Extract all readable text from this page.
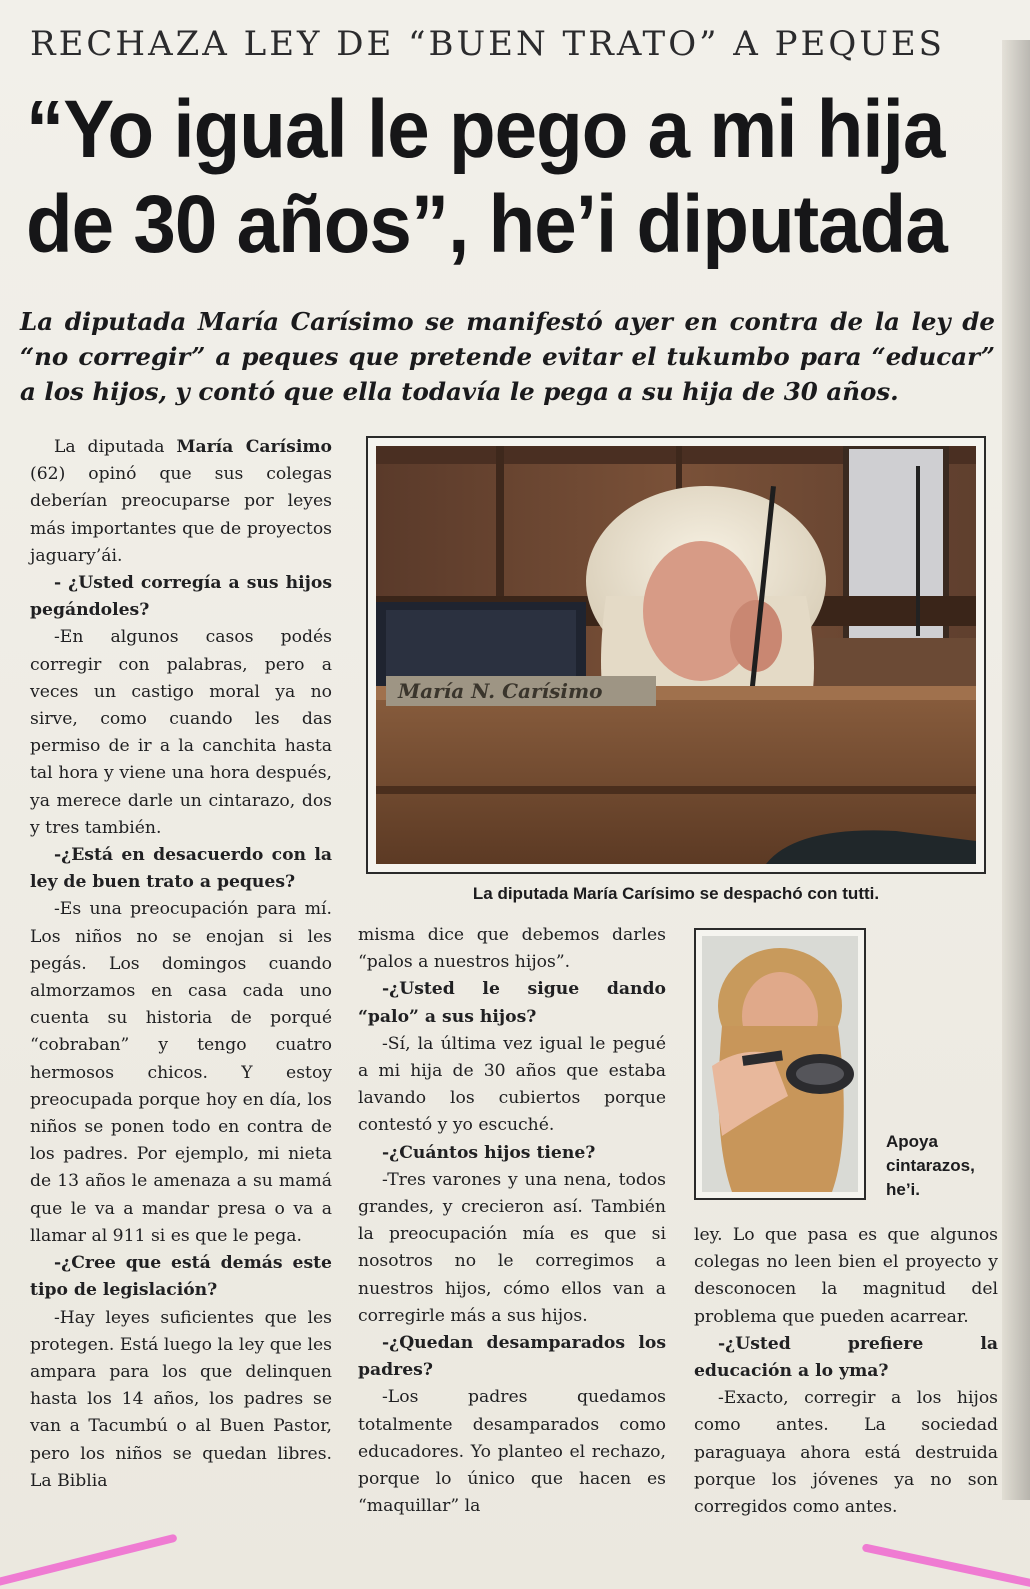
RECHAZA LEY DE “BUEN TRATO” A PEQUES
“Yo igual le pego a mi hija
de 30 años”, he’i diputada
La diputada María Carísimo se manifestó ayer en contra de la ley de “no corregir” a peques que pretende evitar el tukumbo para “educar” a los hijos, y contó que ella todavía le pega a su hija de 30 años.

La diputada María Carísimo (62) opinó que sus colegas deberían preocuparse por leyes más importantes que de proyectos jaguary’ái.

- ¿Usted corregía a sus hijos pegándoles?

-En algunos casos podés corregir con palabras, pero a veces un castigo moral ya no sirve, como cuando les das permiso de ir a la canchita hasta tal hora y viene una hora después, ya merece darle un cintarazo, dos y tres también.

-¿Está en desacuerdo con la ley de buen trato a peques?

-Es una preocupación para mí. Los niños no se enojan si les pegás. Los domingos cuando almorzamos en casa cada uno cuenta su historia de porqué “cobraban” y tengo cuatro hermosos chicos. Y estoy preocupada porque hoy en día, los niños se ponen todo en contra de los padres. Por ejemplo, mi nieta de 13 años le amenaza a su mamá que le va a mandar presa o va a llamar al 911 si es que le pega.

-¿Cree que está demás este tipo de legislación?

-Hay leyes suficientes que les protegen. Está luego la ley que les ampara para los que delinquen hasta los 14 años, los padres se van a Tacumbú o al Buen Pastor, pero los niños se quedan libres. La Biblia

María N. Carísimo
La diputada María Carísimo se despachó con tutti.

misma dice que debemos darles “palos a nuestros hijos”.

-¿Usted le sigue dando “palo” a sus hijos?

-Sí, la última vez igual le pegué a mi hija de 30 años que estaba lavando los cubiertos porque contestó y yo escuché.

-¿Cuántos hijos tiene?

-Tres varones y una nena, todos grandes, y crecieron así. También la preocupación mía es que si nosotros no le corregimos a nuestros hijos, cómo ellos van a corregirle más a sus hijos.

-¿Quedan desamparados los padres?

-Los padres quedamos totalmente desamparados como educadores. Yo planteo el rechazo, porque lo único que hacen es “maquillar” la

Apoya cintarazos, he’i.

ley. Lo que pasa es que algunos colegas no leen bien el proyecto y desconocen la magnitud del problema que pueden acarrear.

-¿Usted prefiere la educación a lo yma?

-Exacto, corregir a los hijos como antes. La sociedad paraguaya ahora está destruida porque los jóvenes ya no son corregidos como antes.
